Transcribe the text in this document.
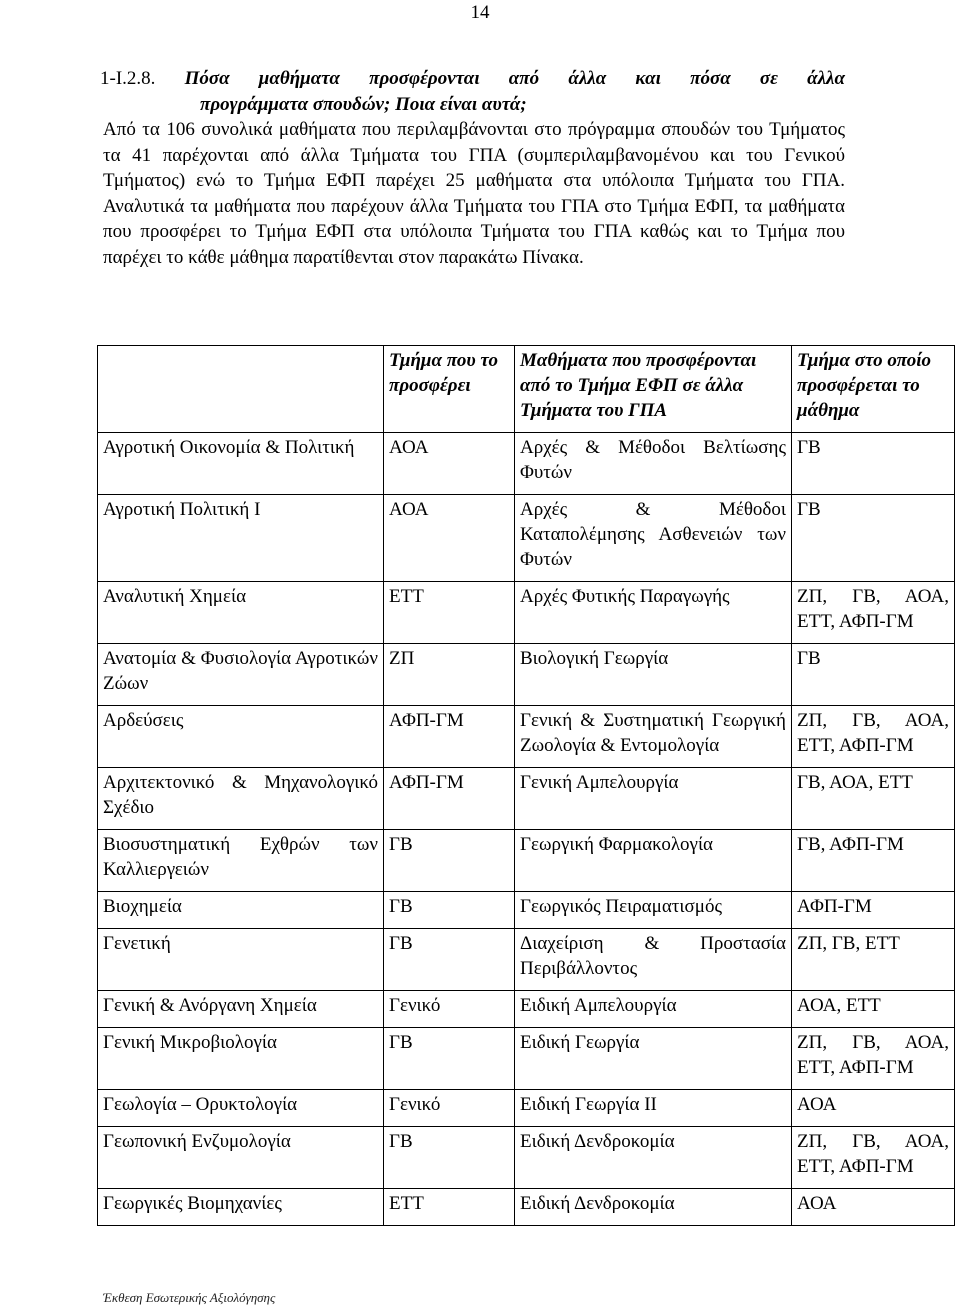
14
1-Ι.2.8. Πόσα μαθήματα προσφέρονται από άλλα και πόσα σε άλλα
προγράμματα σπουδών; Ποια είναι αυτά;

Από τα 106 συνολικά μαθήματα που περιλαμβάνονται στο πρόγραμμα σπουδών του Τμήματος τα 41 παρέχονται από άλλα Τμήματα του ΓΠΑ (συμπεριλαμβανομένου και του Γενικού Τμήματος) ενώ το Τμήμα ΕΦΠ παρέχει 25 μαθήματα στα υπόλοιπα Τμήματα του ΓΠΑ. Αναλυτικά τα μαθήματα που παρέχουν άλλα Τμήματα του ΓΠΑ στο Τμήμα ΕΦΠ, τα μαθήματα που προσφέρει το Τμήμα ΕΦΠ στα υπόλοιπα Τμήματα του ΓΠΑ καθώς και το Τμήμα που παρέχει το κάθε μάθημα παρατίθενται στον παρακάτω Πίνακα.

	Τμήμα που το προσφέρει	Μαθήματα που προσφέρονται από το Τμήμα ΕΦΠ σε άλλα Τμήματα του ΓΠΑ	Τμήμα στο οποίο προσφέρεται το μάθημα
Αγροτική Οικονομία & Πολιτική	ΑΟΑ	Αρχές & Μέθοδοι Βελτίωσης Φυτών	ΓΒ
Αγροτική Πολιτική Ι	ΑΟΑ	Αρχές & Μέθοδοι Καταπολέμησης Ασθενειών των Φυτών	ΓΒ
Αναλυτική Χημεία	ΕΤΤ	Αρχές Φυτικής Παραγωγής	ΖΠ, ΓΒ, ΑΟΑ, ΕΤΤ, ΑΦΠ-ΓΜ
Ανατομία & Φυσιολογία Αγροτικών Ζώων	ΖΠ	Βιολογική Γεωργία	ΓΒ
Αρδεύσεις	ΑΦΠ-ΓΜ	Γενική & Συστηματική Γεωργική Ζωολογία & Εντομολογία	ΖΠ, ΓΒ, ΑΟΑ, ΕΤΤ, ΑΦΠ-ΓΜ
Αρχιτεκτονικό & Μηχανολογικό Σχέδιο	ΑΦΠ-ΓΜ	Γενική Αμπελουργία	ΓΒ, ΑΟΑ, ΕΤΤ
Βιοσυστηματική Εχθρών των Καλλιεργειών	ΓΒ	Γεωργική Φαρμακολογία	ΓΒ, ΑΦΠ-ΓΜ
Βιοχημεία	ΓΒ	Γεωργικός Πειραματισμός	ΑΦΠ-ΓΜ
Γενετική	ΓΒ	Διαχείριση & Προστασία Περιβάλλοντος	ΖΠ, ΓΒ, ΕΤΤ
Γενική & Ανόργανη Χημεία	Γενικό	Ειδική Αμπελουργία	ΑΟΑ, ΕΤΤ
Γενική Μικροβιολογία	ΓΒ	Ειδική Γεωργία	ΖΠ, ΓΒ, ΑΟΑ, ΕΤΤ, ΑΦΠ-ΓΜ
Γεωλογία – Ορυκτολογία	Γενικό	Ειδική Γεωργία ΙΙ	ΑΟΑ
Γεωπονική Ενζυμολογία	ΓΒ	Ειδική Δενδροκομία	ΖΠ, ΓΒ, ΑΟΑ, ΕΤΤ, ΑΦΠ-ΓΜ
Γεωργικές Βιομηχανίες	ΕΤΤ	Ειδική Δενδροκομία	ΑΟΑ
Έκθεση Εσωτερικής Αξιολόγησης
